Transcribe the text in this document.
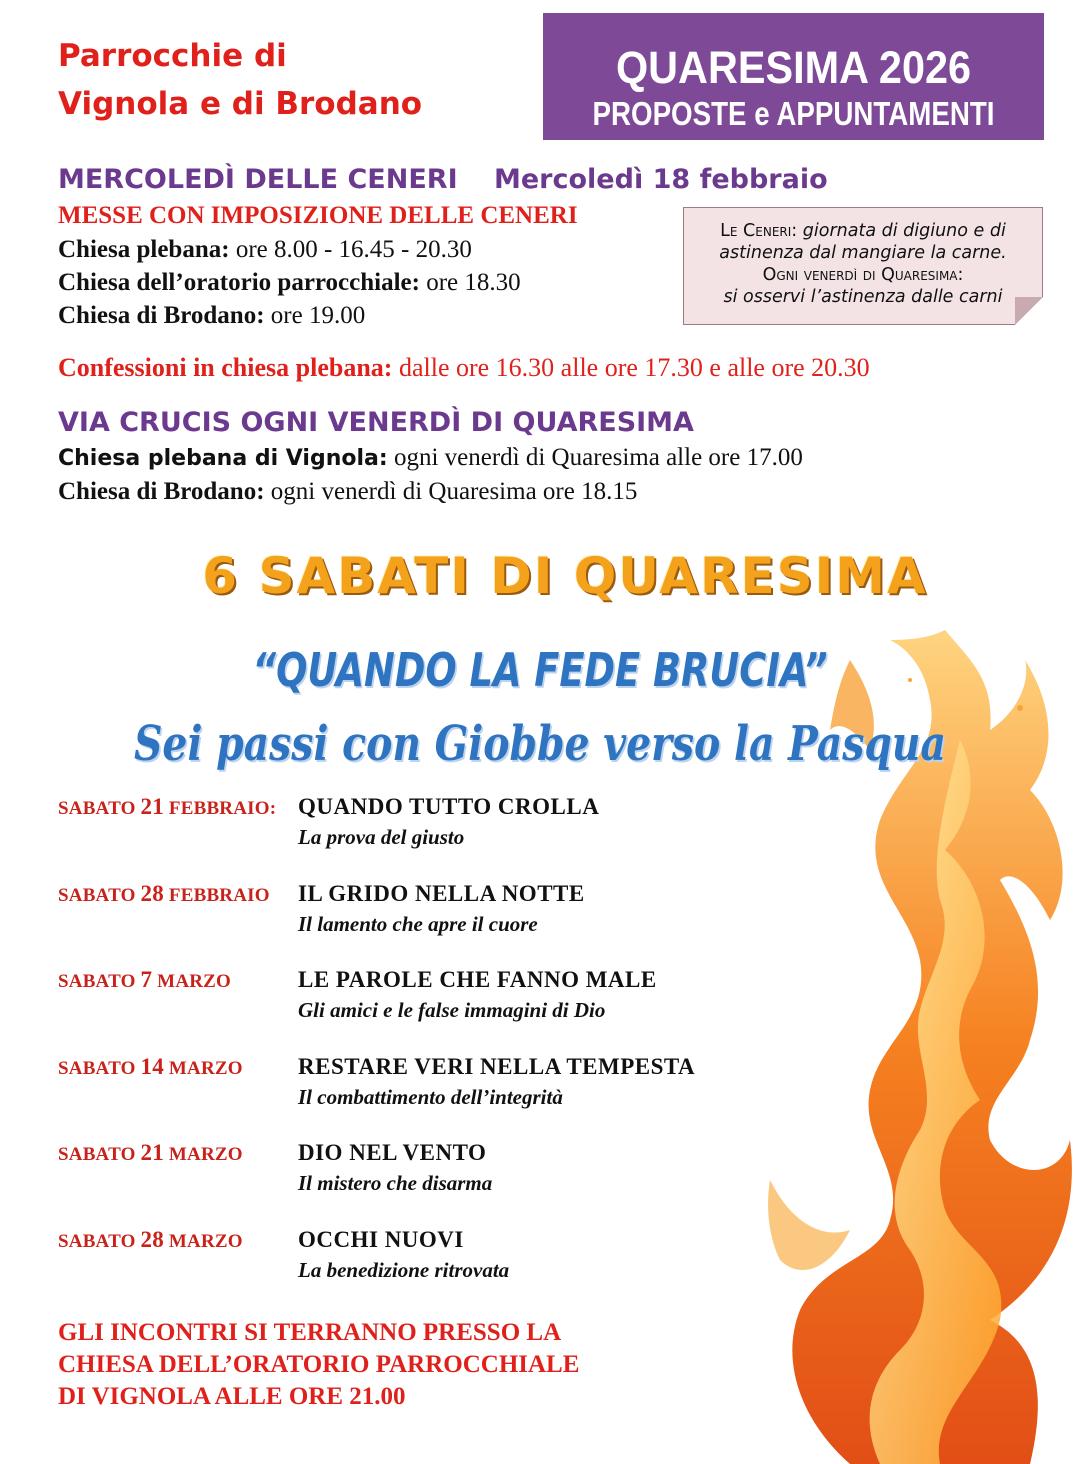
Parrocchie di
Vignola e di Brodano
QUARESIMA 2026
PROPOSTE e APPUNTAMENTI
MERCOLEDÌ DELLE CENERI Mercoledì 18 febbraio
MESSE CON IMPOSIZIONE DELLE CENERI
Chiesa plebana: ore 8.00 - 16.45 - 20.30
Chiesa dell’oratorio parrocchiale: ore 18.30
Chiesa di Brodano: ore 19.00
Le Ceneri: giornata di digiuno e di
astinenza dal mangiare la carne.
Ogni venerdì di Quaresima:
si osservi l’astinenza dalle carni
Confessioni in chiesa plebana: dalle ore 16.30 alle ore 17.30 e alle ore 20.30
VIA CRUCIS OGNI VENERDÌ DI QUARESIMA
Chiesa plebana di Vignola: ogni venerdì di Quaresima alle ore 17.00
Chiesa di Brodano: ogni venerdì di Quaresima ore 18.15
6 SABATI DI QUARESIMA
“QUANDO LA FEDE BRUCIA”
Sei passi con Giobbe verso la Pasqua
SABATO 21 FEBBRAIO: QUANDO TUTTO CROLLA
La prova del giusto
SABATO 28 FEBBRAIO IL GRIDO NELLA NOTTE
Il lamento che apre il cuore
SABATO 7 MARZO	LE PAROLE CHE FANNO MALE
Gli amici e le false immagini di Dio
SABATO 14 MARZO RESTARE VERI NELLA TEMPESTA
Il combattimento dell’integrità
SABATO 21 MARZO DIO NEL VENTO
Il mistero che disarma
SABATO 28 MARZO OCCHI NUOVI
La benedizione ritrovata
GLI INCONTRI SI TERRANNO PRESSO LA
CHIESA DELL’ORATORIO PARROCCHIALE
DI VIGNOLA ALLE ORE 21.00
